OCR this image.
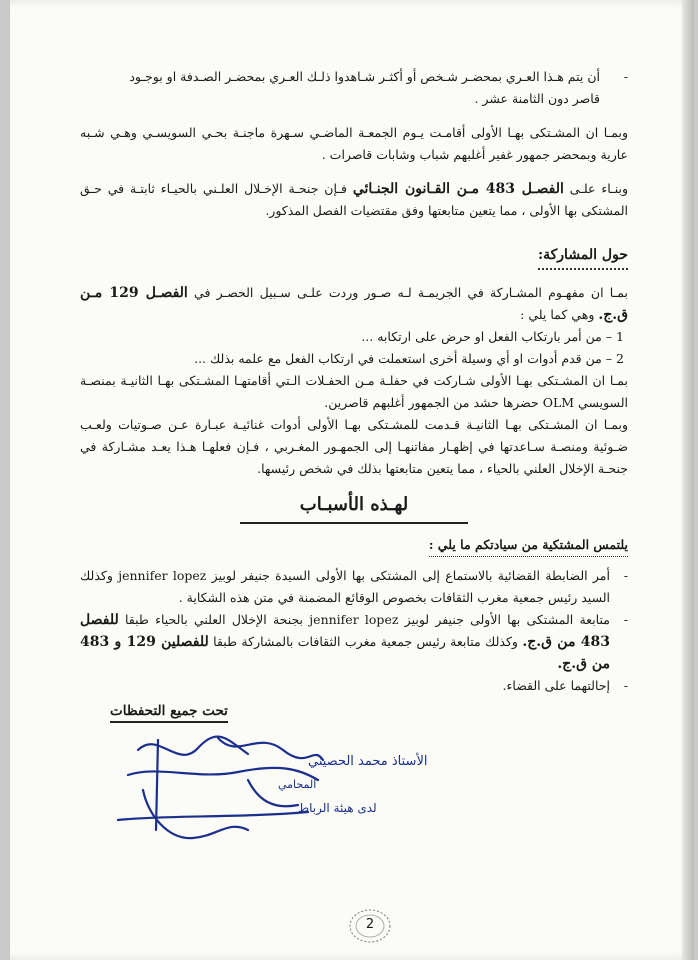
-
أن يتم هـذا العـري بمحضـر شـخص أو أكثـر شـاهدوا ذلـك العـري بمحضـر الصـدفة او بوجـود
قاصر دون الثامنة عشر .

وبمـا ان المشـتكى بهـا الأولى أقامـت يـوم الجمعـة الماضـي سـهرة ماجنـة بحـي السويسـي وهـي شـبه عارية وبمحضر جمهور غفير أغلبهم شباب وشابات قاصرات .

وبنـاء علـى الفصـل 483 مـن القـانون الجنـائي فـإن جنحـة الإخـلال العلـني بالحيـاء ثابتـة في حـق المشتكى بها الأولى ، مما يتعين متابعتها وفق مقتضيات الفصل المذكور.

حول المشاركة:

بمـا ان مفهـوم المشـاركة في الجريمـة لـه صـور وردت علـى سـبيل الحصـر في الفصـل 129 مـن ق.ج. وهي كما يلي :

1 – من أمر بارتكاب الفعل او حرض على ارتكابه ...

2 – من قدم أدوات او أي وسيلة أخرى استعملت في ارتكاب الفعل مع علمه بذلك ...

بمـا ان المشـتكى بهـا الأولى شـاركت في حفلـة مـن الحفـلات الـتي أقامتهـا المشـتكى بهـا الثانيـة بمنصـة السويسي OLM حضرها حشد من الجمهور أغلبهم قاصرين.

وبمـا ان المشـتكى بهـا الثانيـة قـدمت للمشـتكى بهـا الأولى أدوات غنائيـة عبـارة عـن صـوتيات ولعـب ضـوئية ومنصـة سـاعدتها في إظهـار مفاتنهـا إلى الجمهـور المغـربي ، فـإن فعلهـا هـذا يعـد مشـاركة في جنحـة الإخلال العلني بالحياء ، مما يتعين متابعتها بذلك في شخص رئيسها.

لهـذه الأسبـاب
يلتمس المشتكية من سيادتكم ما يلي :

-
أمر الضابطة القضائية بالاستماع إلى المشتكى بها الأولى السيدة جنيفر لوبيز jennifer lopez وكذلك السيد رئيس جمعية مغرب الثقافات بخصوص الوقائع المضمنة في متن هذه الشكاية .

-
متابعة المشتكى بها الأولى جنيفر لوبيز jennifer lopez بجنحة الإخلال العلني بالحياء طبقا للفصل 483 من ق.ج. وكذلك متابعة رئيس جمعية مغرب الثقافات بالمشاركة طبقا للفصلين 129 و 483 من ق.ج.

-
إحالتهما على القضاء.

تحت جميع التحفظات
الأستاذ محمد الحصيني
المحامي
لدى هيئة الرباط
2
